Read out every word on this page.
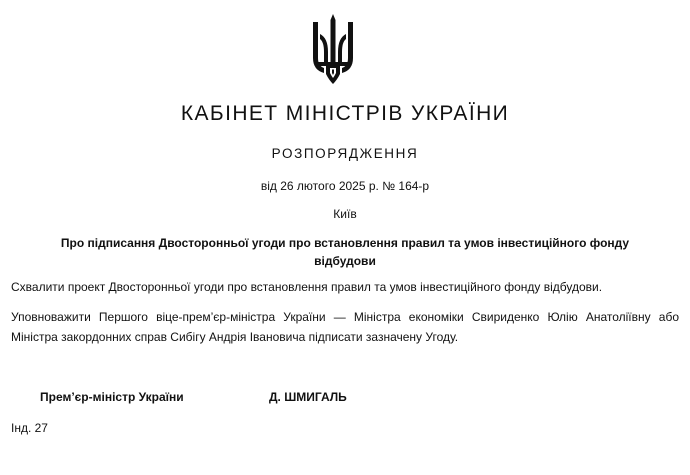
КАБІНЕТ МІНІСТРІВ УКРАЇНИ
РОЗПОРЯДЖЕННЯ
від 26 лютого 2025 р. № 164-р
Київ
Про підписання Двосторонньої угоди про встановлення правил та умов інвестиційного фонду відбудови
Схвалити проект Двосторонньої угоди про встановлення правил та умов інвестиційного фонду відбудови.
Уповноважити Першого віце-прем’єр-міністра України — Міністра економіки Свириденко Юлію Анатоліївну або Міністра закордонних справ Сибігу Андрія Івановича підписати зазначену Угоду.
Прем’єр-міністр України	Д. ШМИГАЛЬ
Інд. 27
